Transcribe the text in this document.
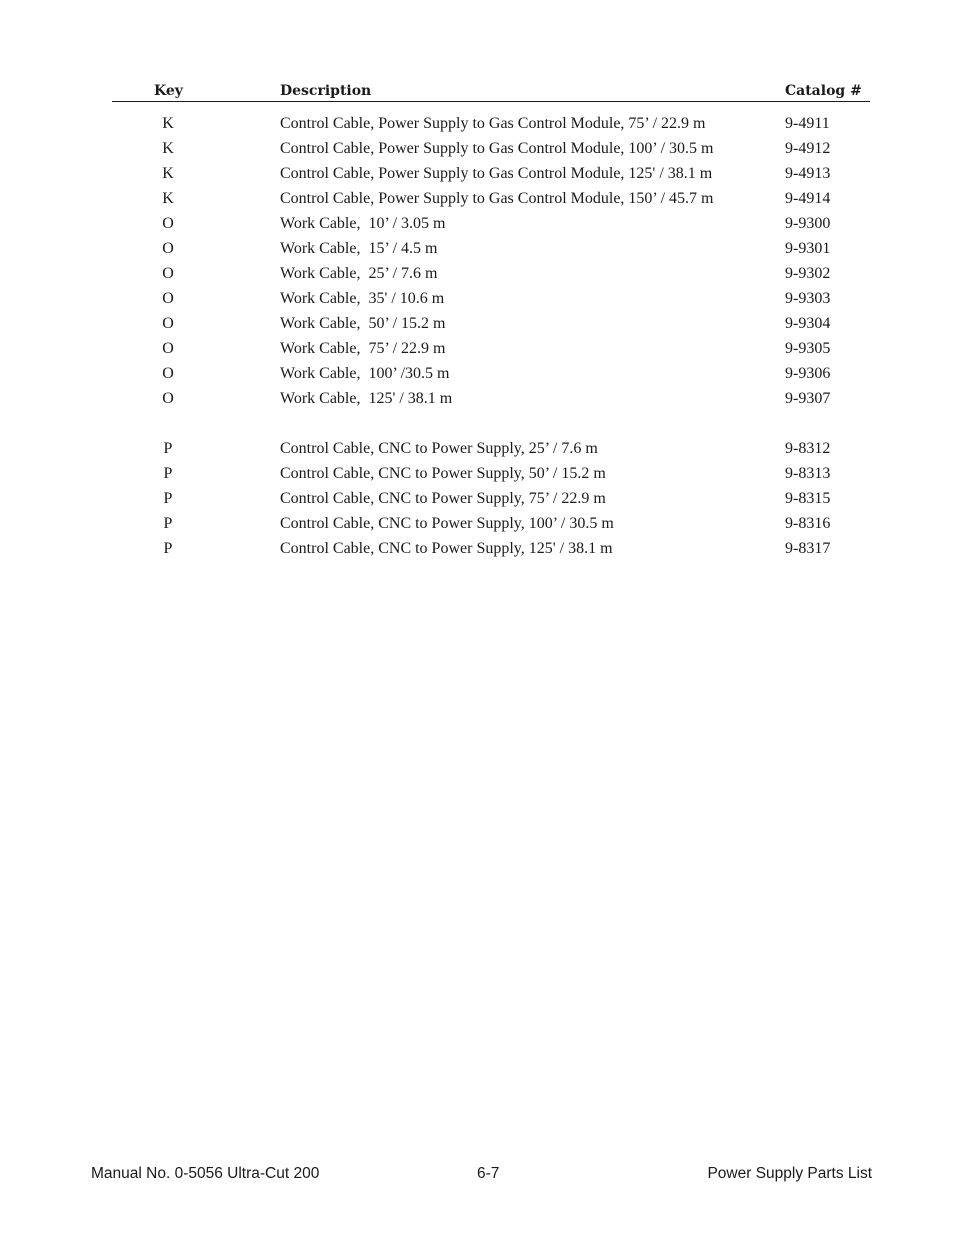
Key	Description	Catalog #
K	Control Cable, Power Supply to Gas Control Module, 75’ / 22.9 m	9-4911
K	Control Cable, Power Supply to Gas Control Module, 100’ / 30.5 m	9-4912
K	Control Cable, Power Supply to Gas Control Module, 125' / 38.1 m	9-4913
K	Control Cable, Power Supply to Gas Control Module, 150’ / 45.7 m	9-4914
O	Work Cable,  10’ / 3.05 m	9-9300
O	Work Cable,  15’ / 4.5 m	9-9301
O	Work Cable,  25’ / 7.6 m	9-9302
O	Work Cable,  35' / 10.6 m	9-9303
O	Work Cable,  50’ / 15.2 m	9-9304
O	Work Cable,  75’ / 22.9 m	9-9305
O	Work Cable,  100’ /30.5 m	9-9306
O	Work Cable,  125' / 38.1 m	9-9307
P	Control Cable, CNC to Power Supply, 25’ / 7.6 m	9-8312
P	Control Cable, CNC to Power Supply, 50’ / 15.2 m	9-8313
P	Control Cable, CNC to Power Supply, 75’ / 22.9 m	9-8315
P	Control Cable, CNC to Power Supply, 100’ / 30.5 m	9-8316
P	Control Cable, CNC to Power Supply, 125' / 38.1 m	9-8317
Manual No. 0-5056 Ultra-Cut 200	6-7	Power Supply Parts List
